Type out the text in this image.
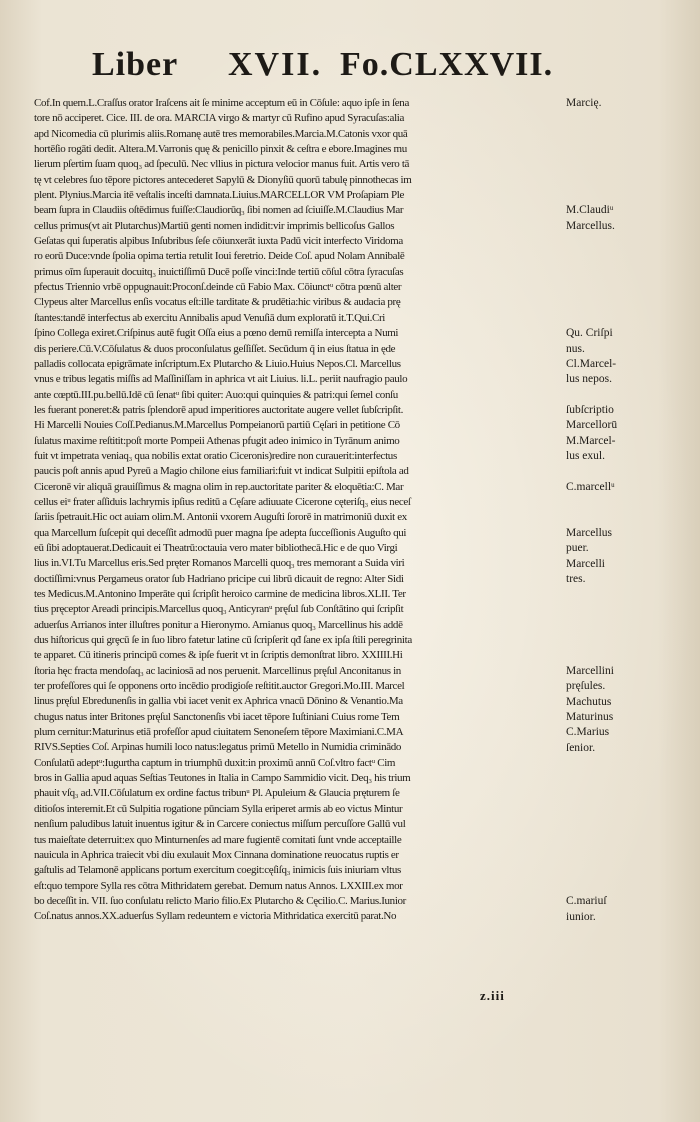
Liber XVII. Fo.CLXXVII.
Cof.In quem.L.Craſſus orator Iraſcens ait ſe minime acceptum eū in Cōſule: aquo ipſe in ſena
tore nō acciperet. Cice. III. de ora. MARCIA virgo & martyr cū Rufino apud Syracuſas:alia
apd Nicomedia cū plurimis aliis.Romanę autē tres memorabiles.Marcia.M.Catonis vxor quā
hortēſio rogāti dedit. Altera.M.Varronis quę & penicillo pinxit & ceſtra e ebore.Imagines mu
lierum pſertim ſuam quoq₃ ad ſpeculū. Nec vllius in pictura velocior manus fuit. Artis vero tā
tę vt celebres ſuo tēpore pictores antecederet Sapylū & Dionyſiū quorū tabulę pinnothecas im
plent. Plynius.Marcia itē veſtalis inceſti damnata.Liuius.MARCELLOR VM Proſapiam Ple
beam ſupra in Claudiis oſtēdimus fuiſſe:Claudiorūq₃ ſibi nomen ad ſciuiſſe.M.Claudius Mar
cellus primus(vt ait Plutarchus)Martiū genti nomen indidit:vir imprimis bellicoſus Gallos
Geſatas qui ſuperatis alpibus Inſubribus ſeſe cōiunxerāt iuxta Padū vicit interfecto Viridoma
ro eorū Duce:vnde ſpolia opima tertia retulit Ioui feretrio. Deide Coſ. apud Nolam Annibalē
primus oīm ſuperauit docuitq₃ inuictiſſimū Ducē poſſe vinci:Inde tertiū cōſul cōtra ſyracuſas
pfectus Triennio vrbē oppugnauit:Proconſ.deinde cū Fabio Max. Cōiunctᵘ cōtra pœnū alter
Clypeus alter Marcellus enſis vocatus eſt:ille tarditate & prudētia:hic viribus & audacia prę
ſtantes:tandē interfectus ab exercitu Annibalis apud Venuſiā dum exploratū it.T.Qui.Cri
ſpino Collega exiret.Criſpinus autē fugit Oſſa eius a pœno demū remiſſa intercepta a Numi
dis periere.Cū.V.Cōſulatus & duos proconſulatus geſſiſſet. Secūdum q̄ in eius ſtatua in ęde
palladis collocata epigrāmate inſcriptum.Ex Plutarcho & Liuio.Huius Nepos.Cl. Marcellus
vnus e tribus legatis miſſis ad Maſſiniſſam in aphrica vt ait Liuius. li.L. periit naufragio paulo
ante cœptū.III.pu.bellū.Idē cū ſenatᵘ ſibi quiter: Auo:qui quinquies & patri:qui ſemel conſu
les fuerant poneret:& patris ſplendorē apud imperitiores auctoritate augere vellet ſubſcripſit.
Hi Marcelli Nouies Coſſ.Pedianus.M.Marcellus Pompeianorū partiū Cęſari in petitione Cō
ſulatus maxime reſtitit:poſt morte Pompeii Athenas pfugit adeo inimico in Tyrānum animo
fuit vt impetrata veniaq₃ qua nobilis extat oratio Ciceronis)redire non curauerit:interfectus
paucis poſt annis apud Pyreū a Magio chilone eius familiari:fuit vt indicat Sulpitii epiſtola ad
Ciceronē vir aliquā grauiſſimus & magna olim in rep.auctoritate pariter & eloquētia:C. Mar
cellus eiᵘ frater aſſiduis lachrymis ipſius reditū a Cęſare adiuuate Cicerone cęteriſq₃ eius neceſ
ſariis ſpetrauit.Hic oct auiam olim.M. Antonii vxorem Auguſti ſororē in matrimoniū duxit ex
qua Marcellum ſuſcepit qui deceſſit admodū puer magna ſpe adepta ſucceſſionis Auguſto qui
eū ſibi adoptauerat.Dedicauit ei Theatrū:octauia vero mater bibliothecā.Hic e de quo Virgi
lius in.VI.Tu Marcellus eris.Sed pręter Romanos Marcelli quoq₃ tres memorant a Suida viri
doctiſſimi:vnus Pergameus orator ſub Hadriano pricipe cui librū dicauit de regno: Alter Sidi
tes Medicus.M.Antonino Imperāte qui ſcripſit heroico carmine de medicina libros.XLII. Ter
tius pręceptor Areadi principis.Marcellus quoq₃ Anticyranᵘ pręſul ſub Conſtātino qui ſcripſit
aduerſus Arrianos inter illuſtres ponitur a Hieronymo. Amianus quoq₃ Marcellinus his addē
dus hiſtoricus qui grȩcū ſe in ſuo libro fatetur latine cū ſcripſerit qđ ſane ex ipſa ſtili peregrinita
te apparet. Cū itineris principū comes & ipſe fuerit vt in ſcriptis demonſtrat libro. XXIIII.Hi
ſtoria hęc fracta mendoſaq₃ ac laciniosā ad nos peruenit. Marcellinus pręſul Anconitanus in
ter profeſſores qui ſe opponens orto incēdio prodigioſe reſtitit.auctor Gregori.Mo.III. Marcel
linus pręſul Ebredunenſis in gallia vbi iacet venit ex Aphrica vnacū Dōnino & Venantio.Ma
chugus natus inter Britones pręſul Sanctonenſis vbi iacet tēpore Iuſtiniani Cuius rome Tem
plum cernitur:Maturinus etiā profeſſor apud ciuitatem Senoneſem tēpore Maximiani.C.MA
RIVS.Septies Coſ. Arpinas humili loco natus:legatus primū Metello in Numidia criminādo
Conſulatū adeptᵘ:Iugurtha captum in triumphū duxit:in proximū annū Coſ.vltro factᵘ Cim
bros in Gallia apud aquas Seſtias Teutones in Italia in Campo Sammidio vicit. Deq₃ his trium
phauit vſq₃ ad.VII.Cōſulatum ex ordine factus tribunᵘ Pl. Apuleium & Glaucia pręturem ſe
ditioſos interemit.Et cū Sulpitia rogatione pūnciam Sylla eriperet armis ab eo victus Mintur
nenſium paludibus latuit inuentus igitur & in Carcere coniectus miſſum percuſſore Gallū vul
tus maieſtate deterruit:ex quo Minturnenſes ad mare fugientē comitati ſunt vnde acceptaille
nauicula in Aphrica traiecit vbi diu exulauit Mox Cinnana dominatione reuocatus ruptis er
gaſtulis ad Telamonē applicans portum exercitum coegit:cęſiſq₃ inimicis ſuis iniuriam vltus
eſt:quo tempore Sylla res cōtra Mithridatem gerebat. Demum natus Annos. LXXIII.ex mor
bo deceſſit in. VII. ſuo conſulatu relicto Mario filio.Ex Plutarcho & Cęcilio.C. Marius.Iunior
Coſ.natus annos.XX.aduerſus Syllam redeuntem e victoria Mithridatica exercitū parat.No
Marcię.
M.Claudiᵘ
Marcellus.
Qu. Criſpi
nus.
Cl.Marcel-
lus nepos.
ſubſcriptio
Marcellorū
M.Marcel-
lus exul.
C.marcellᵘ
Marcellus
puer.
Marcelli
tres.
Marcellini
pręſules.
Machutus
Maturinus
C.Marius
ſenior.
C.mariuſ
iunior.
z.iii
